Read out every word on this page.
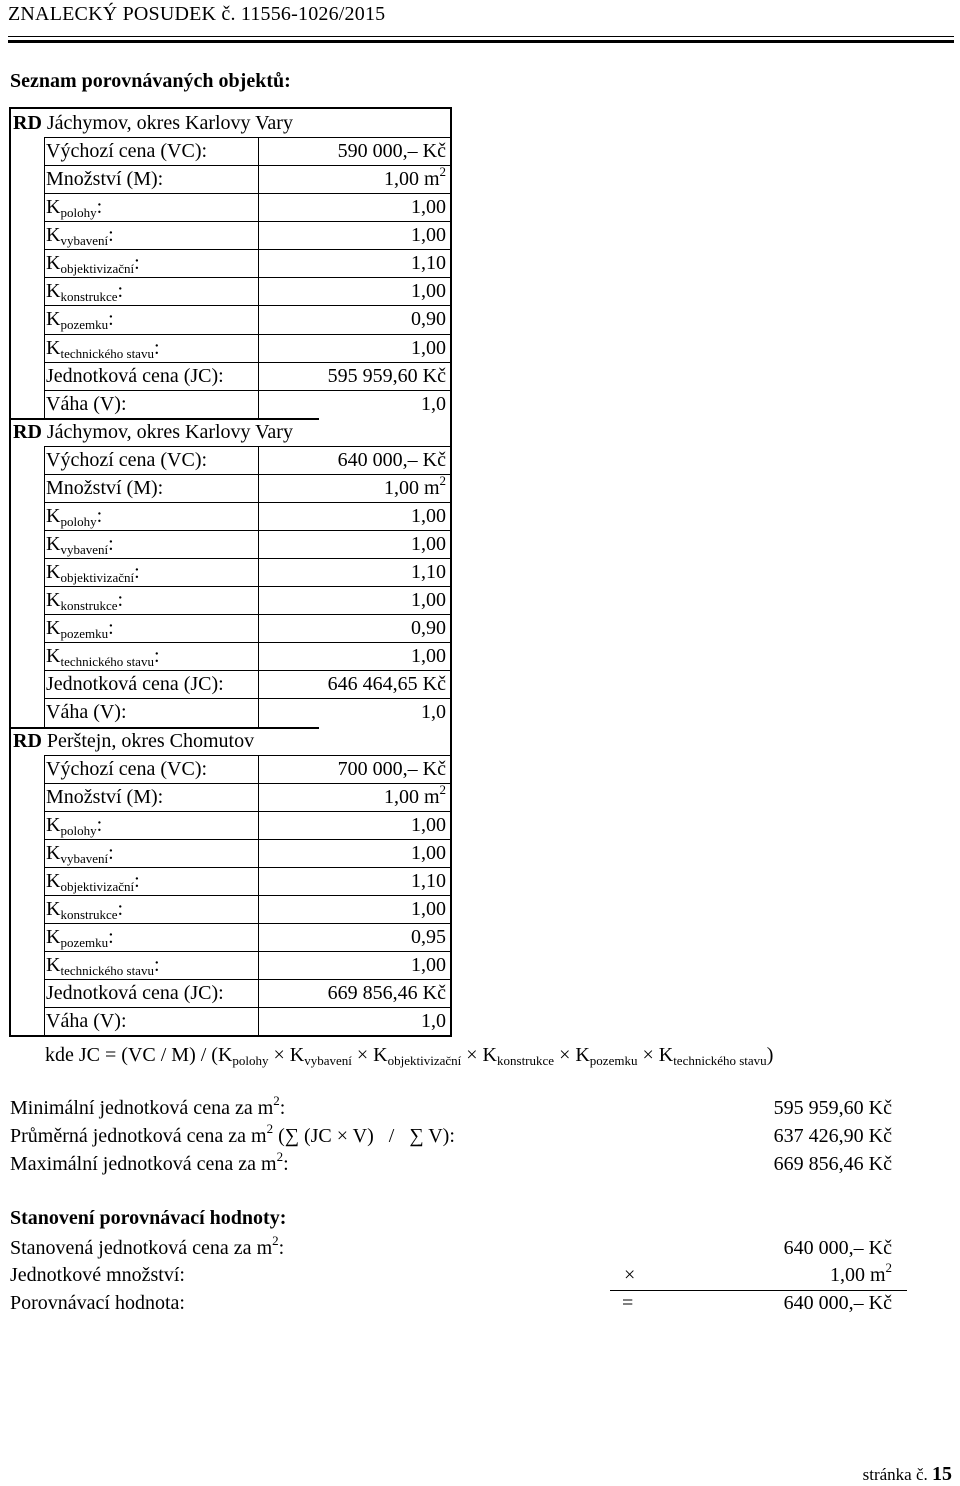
ZNALECKÝ POSUDEK č. 11556-1026/2015
Seznam porovnávaných objektů:
RD Jáchymov, okres Karlovy Vary
Výchozí cena (VC):	590 000,– Kč
Množství (M):	1,00 $m^2$
$K_{polohy}$:	1,00
$K_{vybavení}$:	1,00
$K_{objektivizační}$:	1,10
$K_{konstrukce}$:	1,00
$K_{pozemku}$:	0,90
$K_{technického stavu}$:	1,00
Jednotková cena (JC):	595 959,60 Kč
Váha (V):	1,0
RD Jáchymov, okres Karlovy Vary
Výchozí cena (VC):	640 000,– Kč
Množství (M):	1,00 $m^2$
$K_{polohy}$:	1,00
$K_{vybavení}$:	1,00
$K_{objektivizační}$:	1,10
$K_{konstrukce}$:	1,00
$K_{pozemku}$:	0,90
$K_{technického stavu}$:	1,00
Jednotková cena (JC):	646 464,65 Kč
Váha (V):	1,0
RD Perštejn, okres Chomutov
Výchozí cena (VC):	700 000,– Kč
Množství (M):	1,00 $m^2$
$K_{polohy}$:	1,00
$K_{vybavení}$:	1,00
$K_{objektivizační}$:	1,10
$K_{konstrukce}$:	1,00
$K_{pozemku}$:	0,95
$K_{technického stavu}$:	1,00
Jednotková cena (JC):	669 856,46 Kč
Váha (V):	1,0
kde JC = $(VC / M) / (K_{polohy} \times K_{vybavení} \times K_{objektivizační} \times K_{konstrukce} \times K_{pozemku} \times K_{technického stavu})$
Minimální jednotková cena za $m^2$:	595 959,60 Kč
Průměrná jednotková cena za $m^2$ (∑ (JC × V)   /   ∑ V):	637 426,90 Kč
Maximální jednotková cena za $m^2$:	669 856,46 Kč
Stanovení porovnávací hodnoty:
Stanovená jednotková cena za $m^2$:	640 000,– Kč
Jednotkové množství:	×	1,00 $m^2$
Porovnávací hodnota:	=	640 000,– Kč
stránka č. 15
